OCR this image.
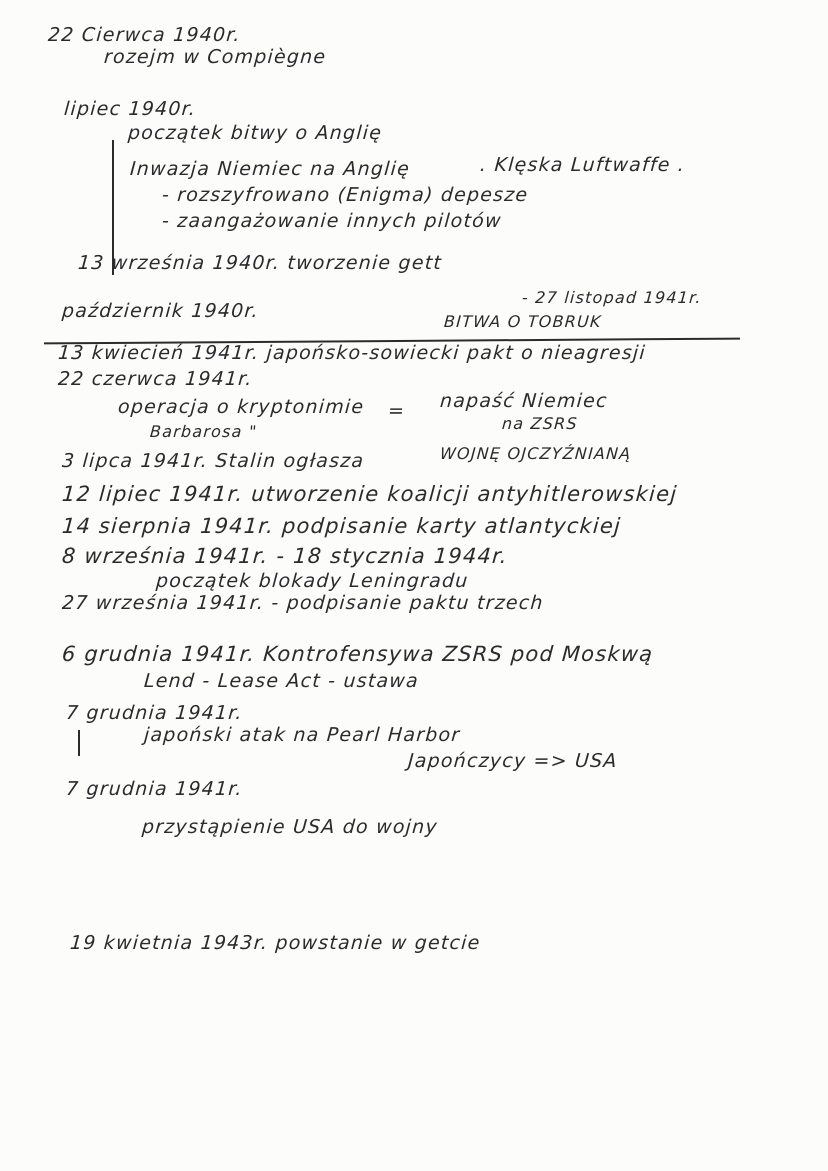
22 Cierwca 1940r.
rozejm w Compiègne
lipiec 1940r.
początek bitwy o Anglię
Inwazja Niemiec na Anglię	. Klęska Luftwaffe .
- rozszyfrowano (Enigma) depesze
- zaangażowanie innych pilotów
13 września 1940r. tworzenie gett
październik 1940r.
- 27 listopad 1941r.
BITWA O TOBRUK
13 kwiecień 1941r. japońsko-sowiecki pakt o nieagresji
22 czerwca 1941r.
operacja o kryptonimie = napaść Niemiec
Barbarosa "	na ZSRS
3 lipca 1941r. Stalin ogłasza	WOJNĘ OJCZYŹNIANĄ
12 lipiec 1941r. utworzenie koalicji antyhitlerowskiej
14 sierpnia 1941r. podpisanie karty atlantyckiej
8 września 1941r. - 18 stycznia 1944r.
początek blokady Leningradu
27 września 1941r. - podpisanie paktu trzech
6 grudnia 1941r. Kontrofensywa ZSRS pod Moskwą
Lend - Lease Act - ustawa
7 grudnia 1941r.
japoński atak na Pearl Harbor
Japończycy => USA
7 grudnia 1941r.
przystąpienie USA do wojny
19 kwietnia 1943r. powstanie w getcie
